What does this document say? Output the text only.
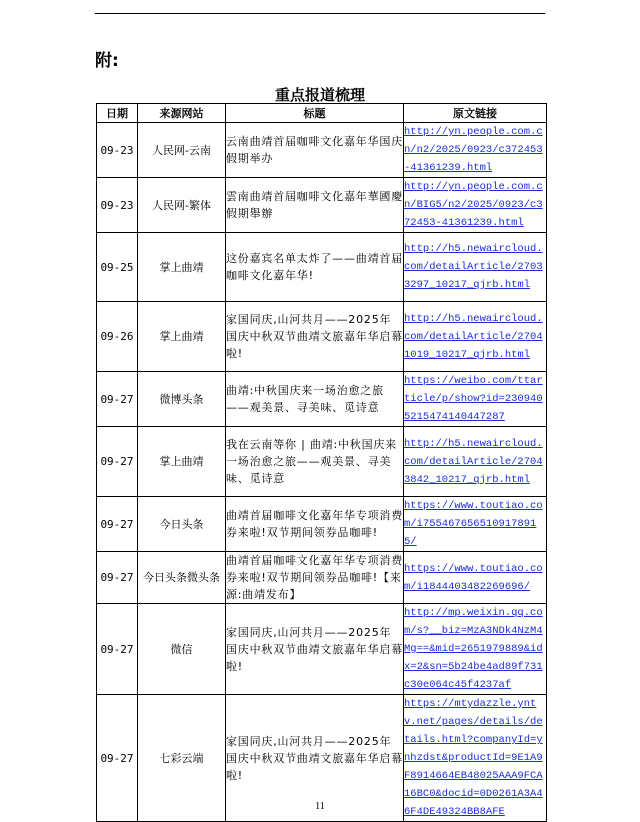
附:
重点报道梳理
日期	来源网站	标题	原文链接
09-23	人民网-云南	云南曲靖首届咖啡文化嘉年华国庆假期举办	http://yn.people.com.cn/n2/2025/0923/c372453-41361239.html
09-23	人民网-繁体	雲南曲靖首屆咖啡文化嘉年華國慶假期舉辦	http://yn.people.com.cn/BIG5/n2/2025/0923/c372453-41361239.html
09-25	掌上曲靖	这份嘉宾名单太炸了——曲靖首届咖啡文化嘉年华!	http://h5.newaircloud.com/detailArticle/27033297_10217_qjrb.html
09-26	掌上曲靖	家国同庆,山河共月——2025年国庆中秋双节曲靖文旅嘉年华启幕啦!	http://h5.newaircloud.com/detailArticle/27041019_10217_qjrb.html
09-27	微博头条	曲靖:中秋国庆来一场治愈之旅——观美景、寻美味、觅诗意	https://weibo.com/ttarticle/p/show?id=2309405215474140447287
09-27	掌上曲靖	我在云南等你 | 曲靖:中秋国庆来一场治愈之旅——观美景、寻美味、觅诗意	http://h5.newaircloud.com/detailArticle/27043842_10217_qjrb.html
09-27	今日头条	曲靖首届咖啡文化嘉年华专项消费券来啦!双节期间领券品咖啡!	https://www.toutiao.com/i7554676565109178915/
09-27	今日头条微头条	曲靖首届咖啡文化嘉年华专项消费券来啦!双节期间领券品咖啡!【来源:曲靖发布】	https://www.toutiao.com/i1844403482269696/
09-27	微信	家国同庆,山河共月——2025年国庆中秋双节曲靖文旅嘉年华启幕啦!	http://mp.weixin.qq.com/s?__biz=MzA3NDk4NzM4Mg==&mid=2651979889&idx=2&sn=5b24be4ad89f731c30e064c45f4237af
09-27	七彩云端	家国同庆,山河共月——2025年国庆中秋双节曲靖文旅嘉年华启幕啦!	https://mtydazzle.yntv.net/pages/details/details.html?companyId=ynhzdst&productId=9E1A9F8914664EB48025AAA9FCA16BC0&docid=0D0261A3A46F4DE49324BB8AFE
11
